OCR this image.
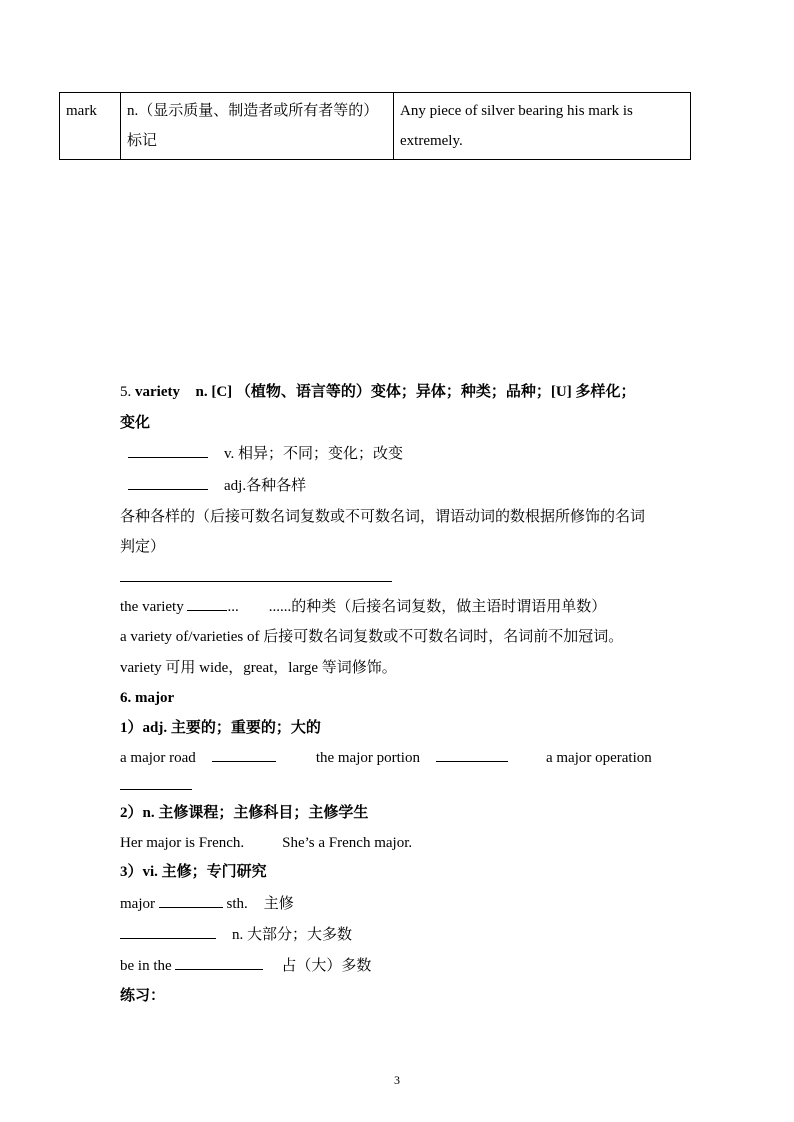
mark	n.（显示质量、制造者或所有者等的）标记	Any piece of silver bearing his mark is extremely.
5. variety n. [C] （植物、语言等的）变体；异体；种类；品种；[U] 多样化；
变化
v. 相异；不同；变化；改变
adj.各种各样
各种各样的（后接可数名词复数或不可数名词，谓语动词的数根据所修饰的名词
判定）
the variety	... ......的种类（后接名词复数，做主语时谓语用单数）
a variety of/varieties of 后接可数名词复数或不可数名词时，名词前不加冠词。
variety 可用 wide，great，large 等词修饰。
6. major
1）adj. 主要的；重要的；大的
a major road	the major portion	a major operation
2）n. 主修课程；主修科目；主修学生
Her major is French.	She’s a French major.
3）vi. 主修；专门研究
major	sth. 主修
n. 大部分；大多数
be in the	占（大）多数
练习：
3
